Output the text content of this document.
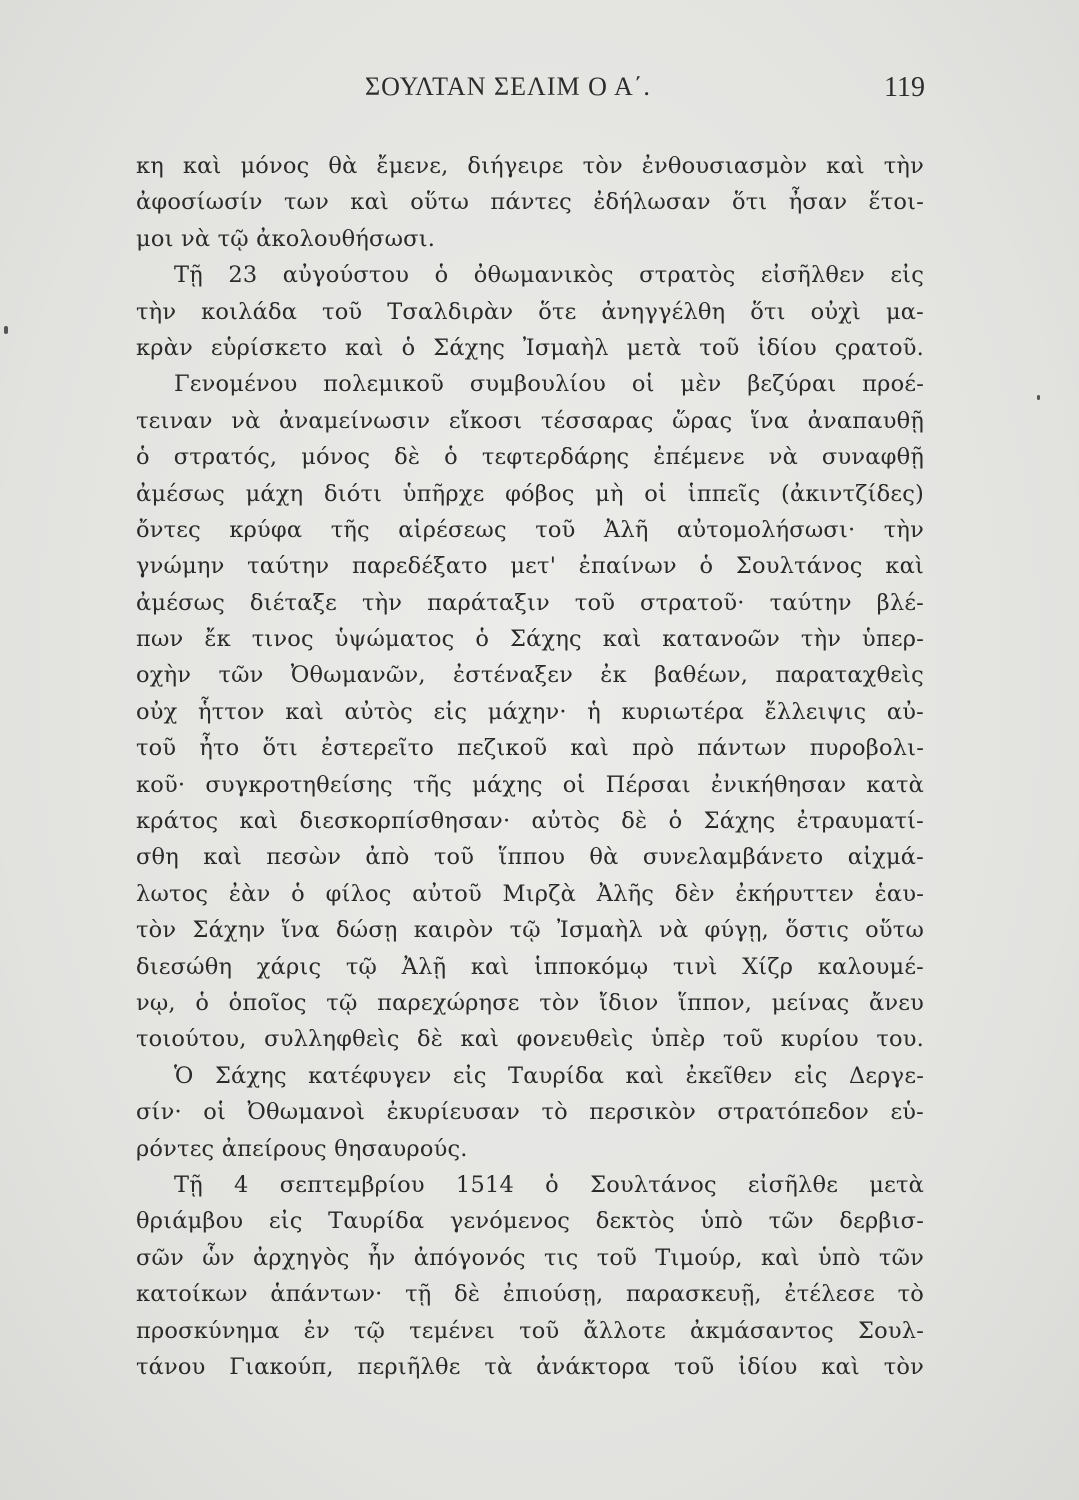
ΣΟΥΛΤΑΝ ΣΕΛΙΜ Ο Α΄.	119
κη καὶ μόνος θὰ ἔμενε, διήγειρε τὸν ἐνθουσιασμὸν καὶ τὴν
ἀφοσίωσίν των καὶ οὕτω πάντες ἐδήλωσαν ὅτι ἦσαν ἕτοι-
μοι νὰ τῷ ἀκολουθήσωσι.
Τῇ 23 αὐγούστου ὁ ὀθωμανικὸς στρατὸς εἰσῆλθεν εἰς
τὴν κοιλάδα τοῦ Τσαλδιρὰν ὅτε ἀνηγγέλθη ὅτι οὐχὶ μα-
κρὰν εὑρίσκετο καὶ ὁ Σάχης Ἰσμαὴλ μετὰ τοῦ ἰδίου ςρατοῦ.
Γενομένου πολεμικοῦ συμβουλίου οἱ μὲν βεζύραι προέ-
τειναν νὰ ἀναμείνωσιν εἴκοσι τέσσαρας ὥρας ἵνα ἀναπαυθῇ
ὁ στρατός, μόνος δὲ ὁ τεφτερδάρης ἐπέμενε νὰ συναφθῇ
ἀμέσως μάχη διότι ὑπῆρχε φόβος μὴ οἱ ἱππεῖς (ἀκιντζίδες)
ὄντες κρύφα τῆς αἱρέσεως τοῦ Ἀλῆ αὐτομολήσωσι· τὴν
γνώμην ταύτην παρεδέξατο μετ' ἐπαίνων ὁ Σουλτάνος καὶ
ἀμέσως διέταξε τὴν παράταξιν τοῦ στρατοῦ· ταύτην βλέ-
πων ἔκ τινος ὑψώματος ὁ Σάχης καὶ κατανοῶν τὴν ὑπερ-
οχὴν τῶν Ὀθωμανῶν, ἐστέναξεν ἐκ βαθέων, παραταχθεὶς
οὐχ ἧττον καὶ αὐτὸς εἰς μάχην· ἡ κυριωτέρα ἔλλειψις αὐ-
τοῦ ἦτο ὅτι ἐστερεῖτο πεζικοῦ καὶ πρὸ πάντων πυροβολι-
κοῦ· συγκροτηθείσης τῆς μάχης οἱ Πέρσαι ἐνικήθησαν κατὰ
κράτος καὶ διεσκορπίσθησαν· αὐτὸς δὲ ὁ Σάχης ἐτραυματί-
σθη καὶ πεσὼν ἀπὸ τοῦ ἵππου θὰ συνελαμβάνετο αἰχμά-
λωτος ἐὰν ὁ φίλος αὐτοῦ Μιρζὰ Ἀλῆς δὲν ἐκήρυττεν ἑαυ-
τὸν Σάχην ἵνα δώσῃ καιρὸν τῷ Ἰσμαὴλ νὰ φύγῃ, ὅστις οὕτω
διεσώθη χάρις τῷ Ἀλῇ καὶ ἱπποκόμῳ τινὶ Χίζρ καλουμέ-
νῳ, ὁ ὁποῖος τῷ παρεχώρησε τὸν ἴδιον ἵππον, μείνας ἄνευ
τοιούτου, συλληφθεὶς δὲ καὶ φονευθεὶς ὑπὲρ τοῦ κυρίου του.
Ὁ Σάχης κατέφυγεν εἰς Ταυρίδα καὶ ἐκεῖθεν εἰς Δεργε-
σίν· οἱ Ὀθωμανοὶ ἐκυρίευσαν τὸ περσικὸν στρατόπεδον εὑ-
ρόντες ἀπείρους θησαυρούς.
Τῇ 4 σεπτεμβρίου 1514 ὁ Σουλτάνος εἰσῆλθε μετὰ
θριάμβου εἰς Ταυρίδα γενόμενος δεκτὸς ὑπὸ τῶν δερβισ-
σῶν ὧν ἀρχηγὸς ἦν ἀπόγονός τις τοῦ Τιμούρ, καὶ ὑπὸ τῶν
κατοίκων ἁπάντων· τῇ δὲ ἐπιούσῃ, παρασκευῇ, ἐτέλεσε τὸ
προσκύνημα ἐν τῷ τεμένει τοῦ ἄλλοτε ἀκμάσαντος Σουλ-
τάνου Γιακούπ, περιῆλθε τὰ ἀνάκτορα τοῦ ἰδίου καὶ τὸν
